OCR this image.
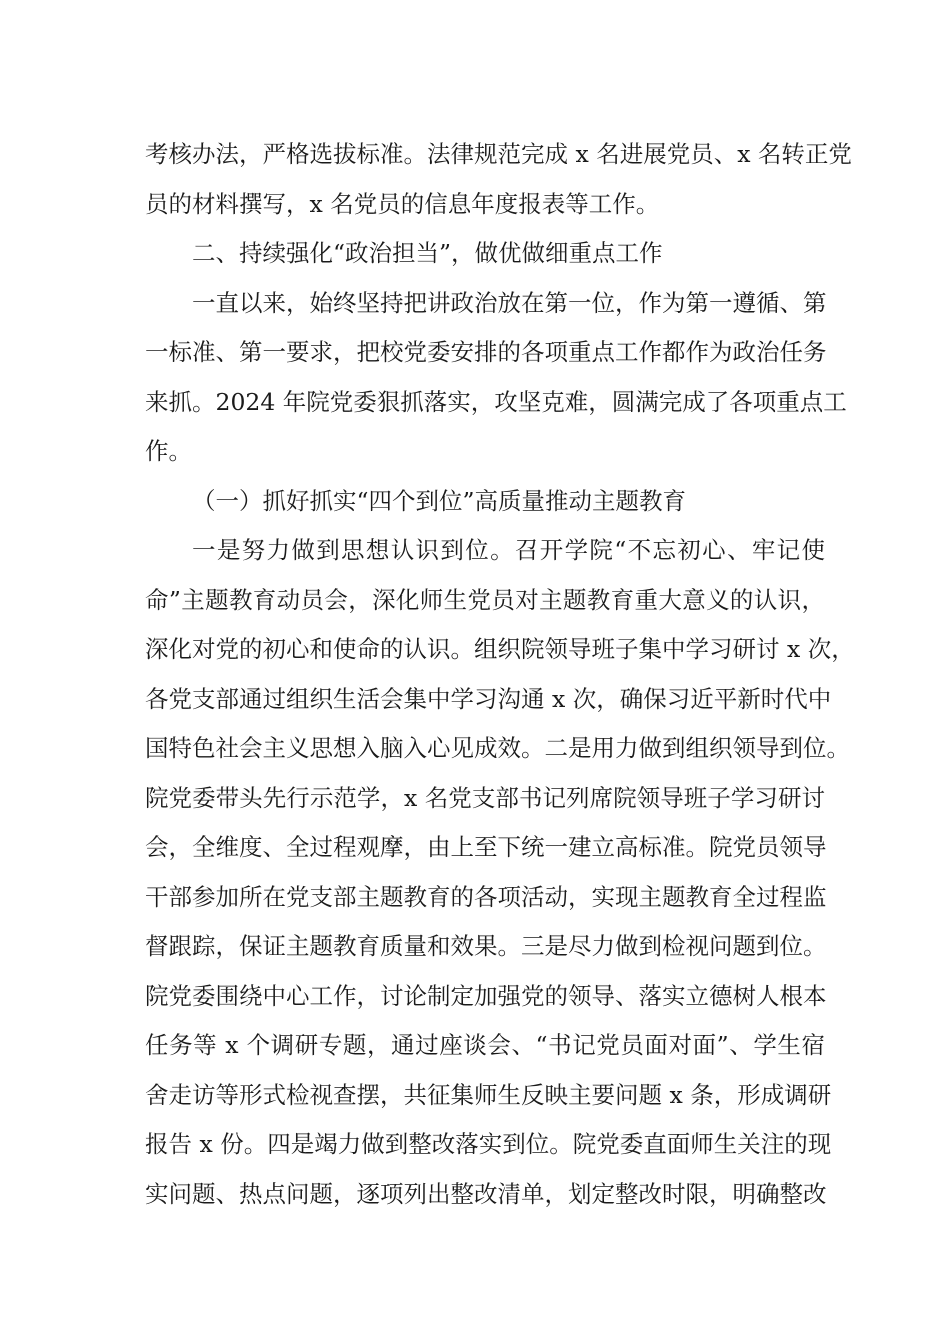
考核办法，严格选拔标准。法律规范完成 x 名进展党员、x 名转正党
员的材料撰写，x 名党员的信息年度报表等工作。
二、持续强化“政治担当”，做优做细重点工作
一直以来，始终坚持把讲政治放在第一位，作为第一遵循、第
一标准、第一要求，把校党委安排的各项重点工作都作为政治任务
来抓。2024 年院党委狠抓落实，攻坚克难，圆满完成了各项重点工
作。
（一）抓好抓实“四个到位”高质量推动主题教育
一是努力做到思想认识到位。召开学院“不忘初心、牢记使
命”主题教育动员会，深化师生党员对主题教育重大意义的认识，
深化对党的初心和使命的认识。组织院领导班子集中学习研讨 x 次，
各党支部通过组织生活会集中学习沟通 x 次，确保习近平新时代中
国特色社会主义思想入脑入心见成效。二是用力做到组织领导到位。
院党委带头先行示范学，x 名党支部书记列席院领导班子学习研讨
会，全维度、全过程观摩，由上至下统一建立高标准。院党员领导
干部参加所在党支部主题教育的各项活动，实现主题教育全过程监
督跟踪，保证主题教育质量和效果。三是尽力做到检视问题到位。
院党委围绕中心工作，讨论制定加强党的领导、落实立德树人根本
任务等 x 个调研专题，通过座谈会、“书记党员面对面”、学生宿
舍走访等形式检视查摆，共征集师生反映主要问题 x 条，形成调研
报告 x 份。四是竭力做到整改落实到位。院党委直面师生关注的现
实问题、热点问题，逐项列出整改清单，划定整改时限，明确整改
